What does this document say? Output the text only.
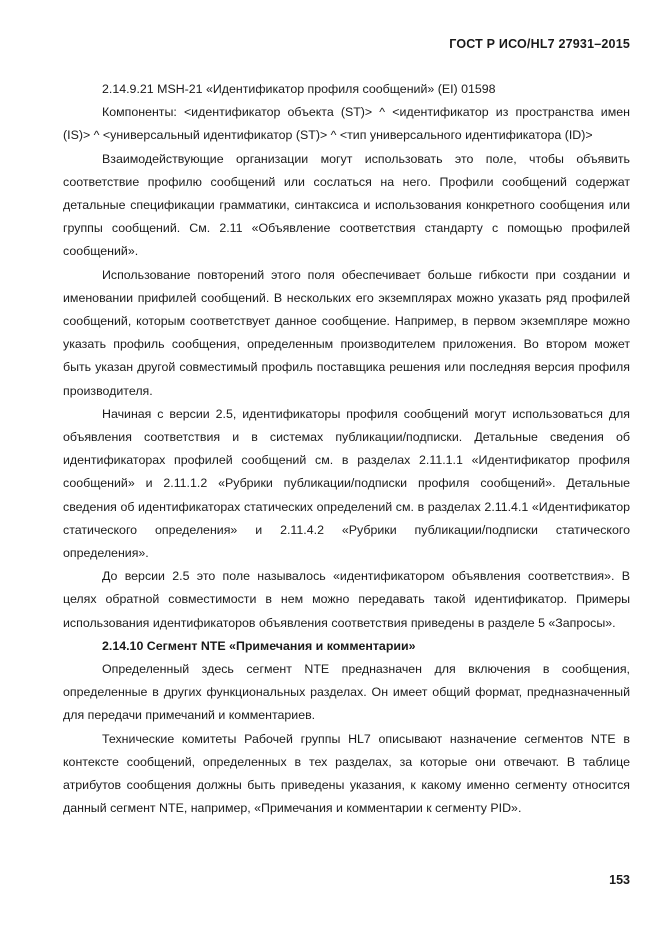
ГОСТ Р ИСО/HL7 27931–2015

2.14.9.21 MSH-21 «Идентификатор профиля сообщений» (EI) 01598

Компоненты: <идентификатор объекта (ST)> ^ <идентификатор из пространства имен (IS)> ^ <универсальный идентификатор (ST)> ^ <тип универсального идентификатора (ID)>

Взаимодействующие организации могут использовать это поле, чтобы объявить соответствие профилю сообщений или сослаться на него. Профили сообщений содержат детальные спецификации грамматики, синтаксиса и использования конкретного сообщения или группы сообщений. См. 2.11 «Объявление соответствия стандарту с помощью профилей сообщений».

Использование повторений этого поля обеспечивает больше гибкости при создании и именовании прифилей сообщений. В нескольких его экземплярах можно указать ряд профилей сообщений, которым соответствует данное сообщение. Например, в первом экземпляре можно указать профиль сообщения, определенным производителем приложения. Во втором может быть указан другой совместимый профиль поставщика решения или последняя версия профиля производителя.

Начиная с версии 2.5, идентификаторы профиля сообщений могут использоваться для объявления соответствия и в системах публикации/подписки. Детальные сведения об идентификаторах профилей сообщений см. в разделах 2.11.1.1 «Идентификатор профиля сообщений» и 2.11.1.2 «Рубрики публикации/подписки профиля сообщений». Детальные сведения об идентификаторах статических определений см. в разделах 2.11.4.1 «Идентификатор статического определения» и 2.11.4.2 «Рубрики публикации/подписки статического определения».

До версии 2.5 это поле называлось «идентификатором объявления соответствия». В целях обратной совместимости в нем можно передавать такой идентификатор. Примеры использования идентификаторов объявления соответствия приведены в разделе 5 «Запросы».

2.14.10 Сегмент NTE «Примечания и комментарии»

Определенный здесь сегмент NTE предназначен для включения в сообщения, определенные в других функциональных разделах. Он имеет общий формат, предназначенный для передачи примечаний и комментариев.

Технические комитеты Рабочей группы HL7 описывают назначение сегментов NTE в контексте сообщений, определенных в тех разделах, за которые они отвечают. В таблице атрибутов сообщения должны быть приведены указания, к какому именно сегменту относится данный сегмент NTE, например, «Примечания и комментарии к сегменту PID».

153
